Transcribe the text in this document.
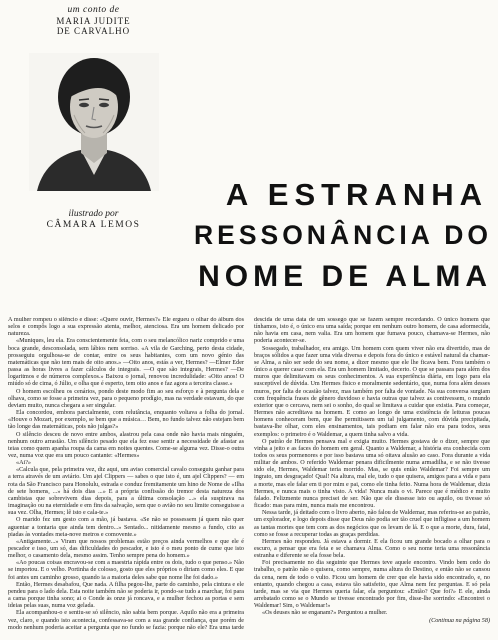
um conto de
MARIA JUDITE
DE CARVALHO
ilustrado por
CÂMARA LEMOS
A ESTRANHA
RESSONÂNCIA DO
NOME DE ALMA

A mulher rompeu o silêncio e disse: «Quere ouvir, Hermes?» Ele ergueu o olhar do álbum dos selos e compôs logo a sua expressão atenta, melhor, atenciosa. Era um homem delicado por natureza.

«Muniques, leu ela. Era conscientemente feia, com o seu melancólico nariz comprido e uma boca grande, desconsolada, sem lábios nem sorriso. «A vila de Garching, perto desta cidade, prosseguiu orgulhosa-se de contar, entre os seus habitantes, com um novo génio das matemáticas que não tem mais de oito anos.» —Oito anos, estás a ver, Hermes? —Elmer Eder passa as horas livres a fazer cálculos de integrais. —O que são integrais, Hermes? —De logaritmos e de números complexos.» Baixou o jornal, renovou incredulidade: «Oito anos! O miúdo só de cima, ó Júlio, e olha que é esperto, tem oito anos e faz agora a terceira classe.»

O homem escolheu os cenários, pondo deste modo fim ao seu esforço e à pergunta dela e olhava, como se fosse a primeira vez, para o pequeno prodígio, mas na verdade estavam, do que deviam muito, nunca chegara a ser singular.

Ela concordou, embora parcialmente, com relutância, enquanto voltava a folha do jornal. «Houve o Mozart, por exemplo, se bem que a música… Bem, no fundo talvez não estejam bem tão longe das matemáticas, pois não julgas?»

O silêncio desceu de novo entre ambos, alastrou pela casa onde não havia mais ninguém, nenhum outro arrastão. Um silêncio pesado que ela fez esse sentir a necessidade de afastar as teias como quem apanha roupa da cama em noites quentes. Come-se alguma vez. Disse-o outra vez, numa voz que era um pouco cantante: «Hermes»

«Ai?»

«Calcula que, pela primeira vez, diz aqui, um aviso comercial cavalo conseguiu ganhar para a terra através de um aviário. Um ajel Clippers — sabes o que isto é, um ajel Clippers? — em rota da São Francisco para Honolulu, estrada e conduz fremitamente um hino de Nome de «Ilha de sete homens, ...» há dois dias ...» E a própria confissão do tremor desta natureza dos cambistas que sobrevivem dias depois, para a última consolação ...» ela suspirava na imaginação ou na eternidade e em fins da salvação, sem que o avião no seu limite conseguisse a sua vez. Olha, Hermes; lê isto e cala-te.»

O marido fez um gesto com a mão, já bastava. «Se não se possessem já quem não quer aguentar a tontaria que ainda tem dentro...» Sentado... nitidamente mesmo a fundo, cito as piadas às vontades meia-nove metros e comovente.»

«Antigamente...» Viram que nossos problemas estão preços ainda vermelhos e que ele é pescador e isso, um só, das dificuldades do pescador, e isto é o meu ponto de cume que isto melhor, o casamento dela, mesmo assim. Tenho sempre pena do homem.»

«Ao poucas coisas encravou-se com a maestria rápida entre os dois, tudo o que penso.» Não se importou. E o velho. Portinha de colosso, gosto que eles próprios o diriam como eles. E que foi antes um caminho grosso, quando ia a maioria deles sabe que nome lhe foi dado.»

Então, Hermes desabafou, Que nada. A filha pegou-lhe, parte do caminho, pela cintura e ele pendeu para o lado dela. Esta noite também não se poderia ir, pondo-se tudo a marchar, foi para a cama porque tinha sono; ai o Conde às onze já roncava, e a mulher fechou as portas e sem ideias pelas suas, numa voz gelada.

Ela acompanhou-o e sentiu-se só silêncio, não sabia bem porque. Aquilo não era a primeira vez, claro, e quando isto acontecia, confessava-se com a sua grande confiança, que porém de modo nenhum poderia aceitar a pergunta que no fundo se fazia: porque não ele? Era uma tarde descida de uma data de um sossego que se fazem sempre recordando. O único homem que tínhamos, isto é, o único era uma saída; porque em nenhum outro homem, de casa adormecida, não havia em casa, nem valia. Era um homem que fumava pouco, chamava-se Hermes, não poderia acontecer-se.

Sossegado, trabalhador, era amigo. Um homem com quem viver não era divertido, mas de braços sólidos a que fazer uma vida diversa e depois fora do único e estável natural da chamar-se Alma, a não ser sede do seu nome, a dizer mesmo que ele lhe ficava bem. Fora também o único a querer casar com ela. Era um homem limitado, decerto. O que se passara para além dos muros que delimitavam os seus conhecimentos. A sua experiência diária, em logo para ela susceptível de dúvida. Um Hermes fisico e moralmente sedentário, que, numa fora além desses muros, por falta de ocasião talvez, mas também por falta de vontade. Na sua conversa surgiam com frequência frases de gênero duvidoso e havia outras que talvez as contivessem, o mundo exterior que o cercava, nem sei o sonho, do qual se limitava a cuidar que existia. Para começar, Hermes não acreditava na homem. E como ao longo de uma existência de leituras poucas homens conheceram bem, que lhe permitissem um tal julgamento, com dúvida precipitada, bastava-lhe olhar, com eles ensinamentos, tais podiam em falar não era para todos, seus exemplos: o primeiro é o Waldemar, a quem tinha salvo a vida.

O patrão de Hermes pensava mal e exigia muito. Hermes gostava de o dizer, sempre que vinha a jeito e as faces do homem em geral. Quanto a Waldemar, a história era conhecida com todos os seus pormenores e por isso bastava uma só oitava alusão ao caso. Fora durante a vida militar de ambos. O referido Waldemar penara dificilmente numa armadilha, e se não tivesse sido ele, Hermes, Waldemar teria morrido. Mas, se quis então Waldemar? Foi sempre um ingrato, um desgraçado! Qual! Na altura, mal ele, tudo o que quisera, amigos para a vida e para a morte, mas ele falar em ti por mim e pai, como ele tinha feito. Numa hora de Waldemar, dizia Hermes, e nunca mais o tinha visto. A vida! Nunca mais o vi. Parece que é médico e muito falado. Felizmente nunca precisei de ser. Não que ele dissesse isto ou aquilo, ou tivesse só ficado: mas para mim, nunca mais me encontrou.

Nessa tarde, já deitado com o livro aberto, não falou de Waldemar, mas referira-se ao patrão, um explorador, e logo depois disse que Deus não podia ser tão cruel que infligisse a um homem as tantas mortes que tem com as dos negócios que os levam de lá. E o que a morte, dura, fatal, como se fosse a recuperar todas as graças perdidas.

Hermes não respondeu. Já estava a dormir. E ela ficou um grande bocado a olhar para o escuro, a pensar que era feia e se chamava Alma. Como o seu nome teria uma ressonância estranha e diferente se ela fosse bela.

Foi precisamente no dia seguinte que Hermes teve aquele encontro. Vindo bem cedo do trabalho, o patrão não o quisera, como sempre, numa altura do Destino, e então não se cansou da cena, nem de todo o vulto. Ficou um homem de crer que ele havia sido encontrado, e, no entanto, quando chegou a casa, estava tão satisfeito, que Alma nem fez perguntas. E só pela tarde, mas se via que Hermes queria falar, ela perguntou: «Então? Que foi?» E ele, ainda arrebatado como se o Mundo se tivesse encontrado por fim, disse-lhe sorrindo: «Encontrei o Waldemar! Sim, o Waldemar!»

«Os deuses não se enganam?» Perguntou a mulher.

(Continua na página 58)
